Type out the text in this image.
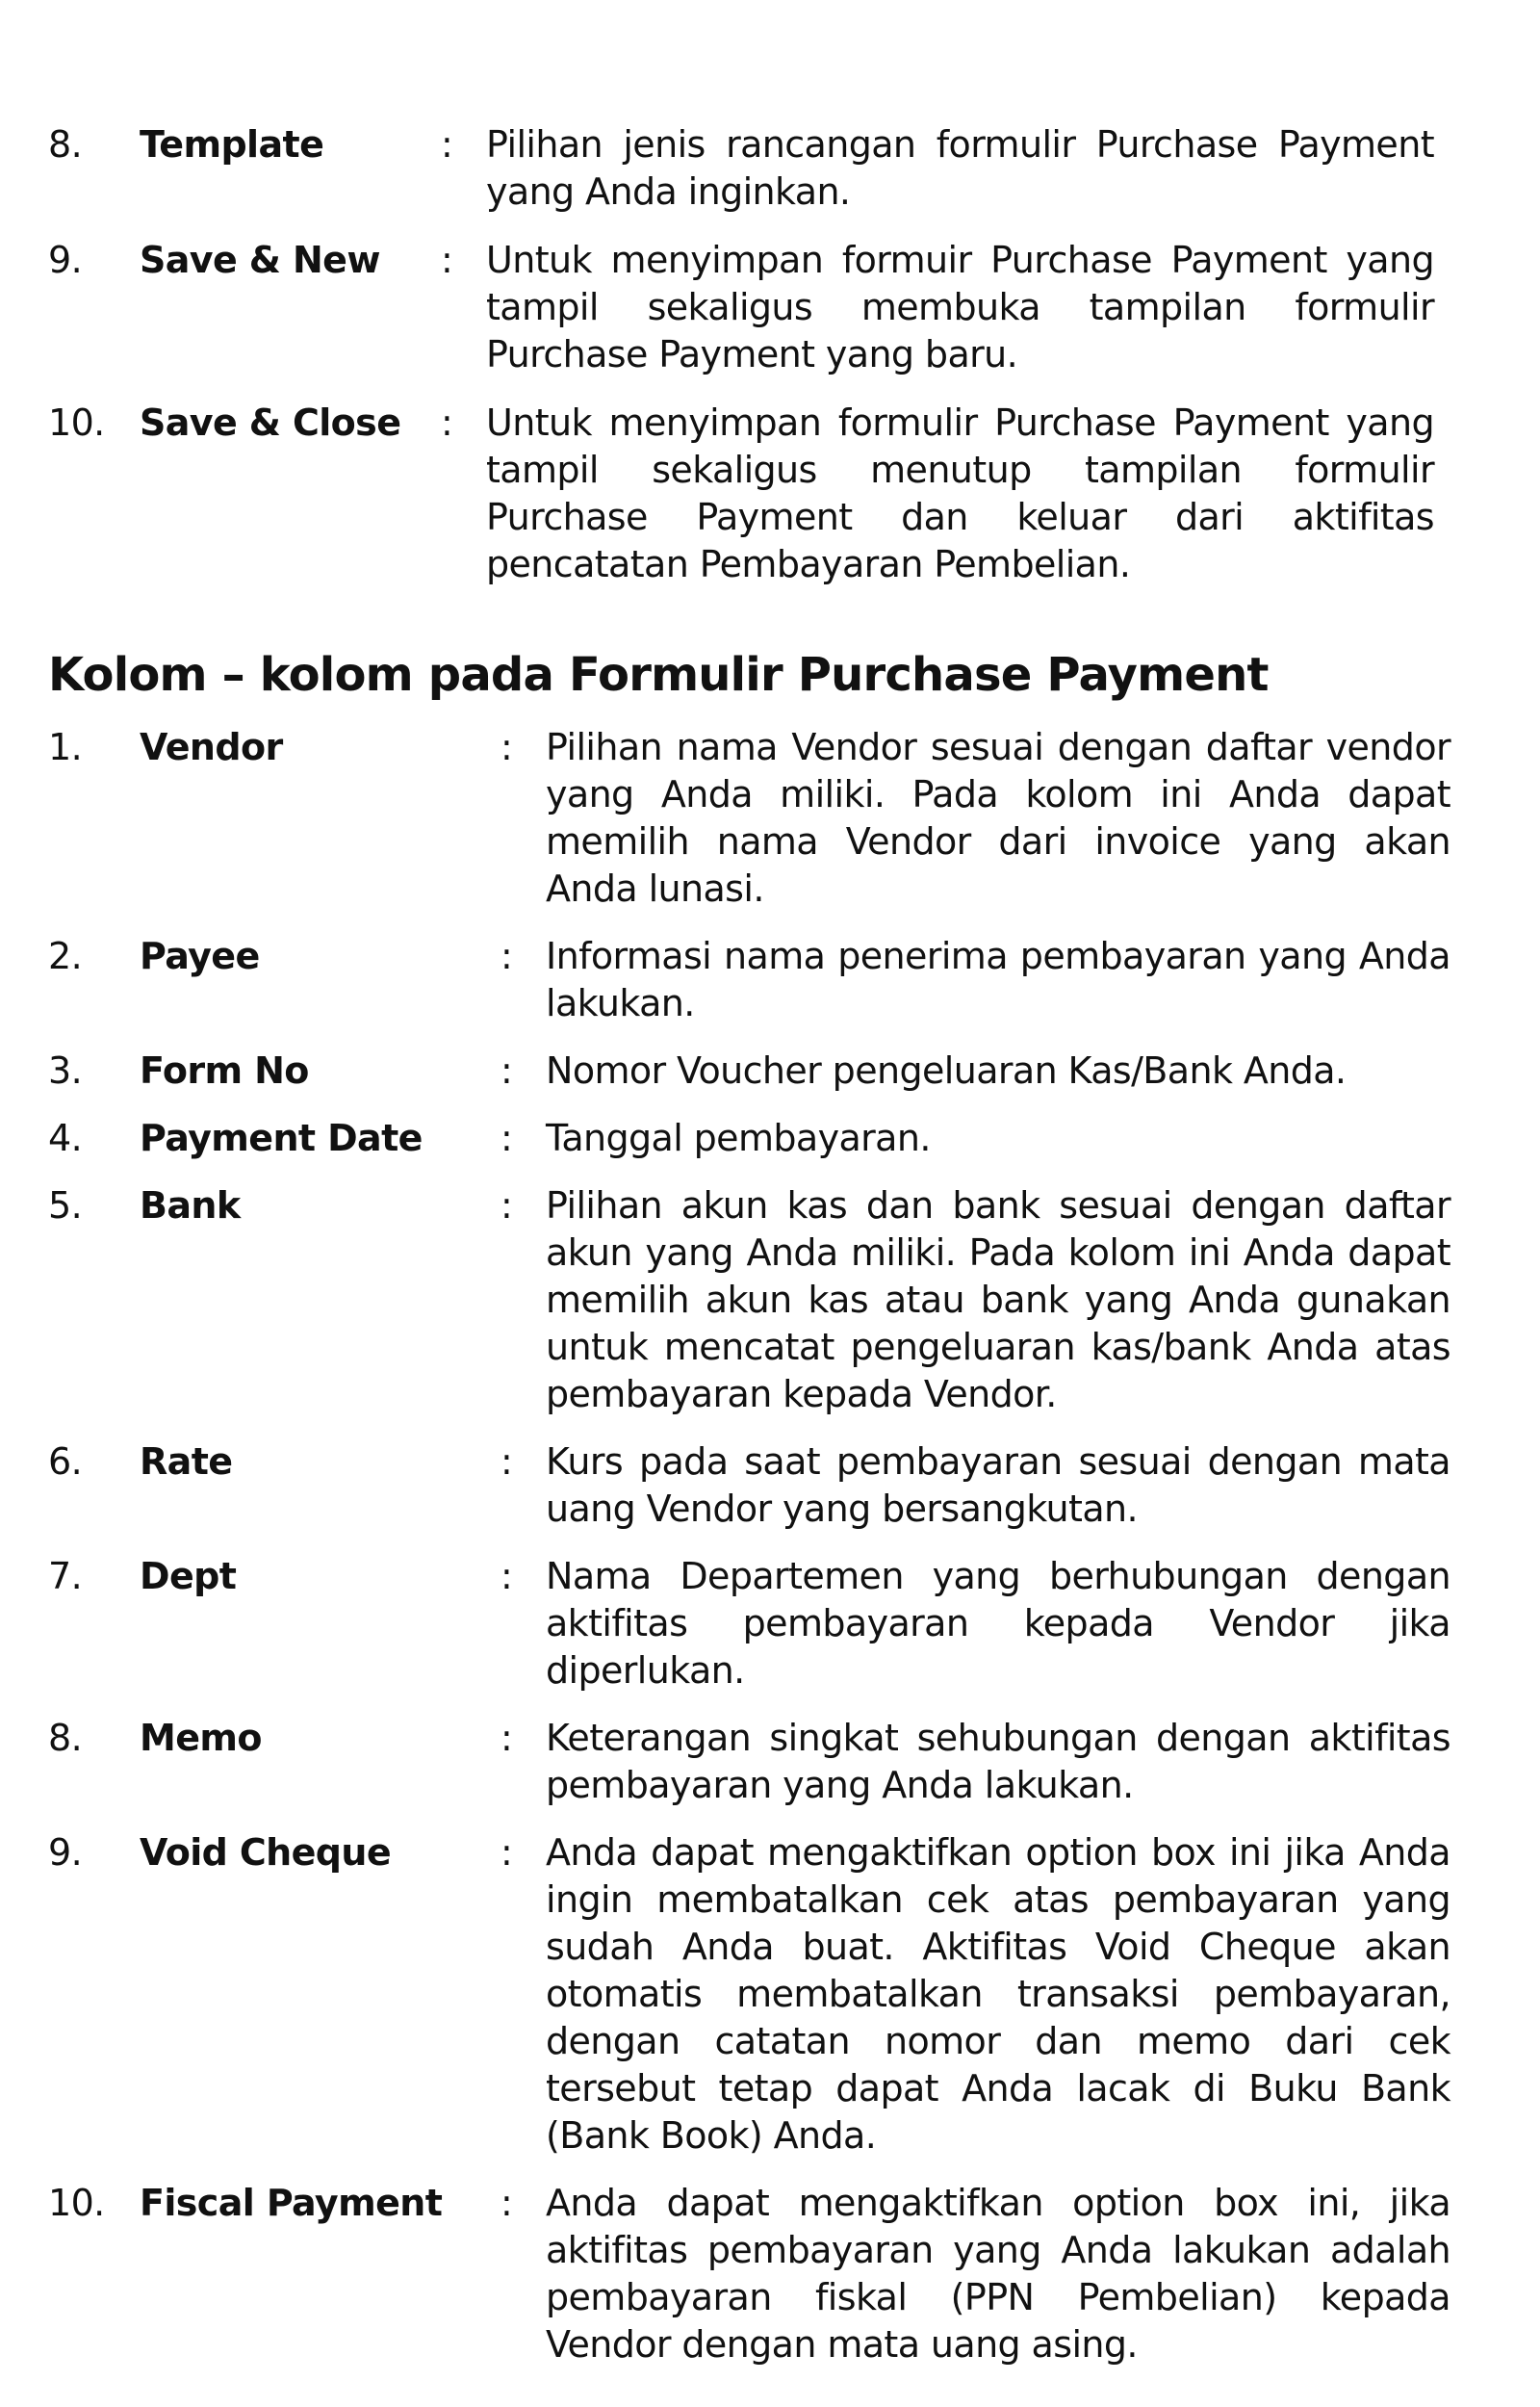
8.	Template	: Pilihan jenis rancangan formulir Purchase Payment yang Anda inginkan.
9.	Save & New	: Untuk menyimpan formuir Purchase Payment yang tampil sekaligus membuka tampilan formulir Purchase Payment yang baru.
10. Save & Close	: Untuk menyimpan formulir Purchase Payment yang tampil sekaligus menutup tampilan formulir Purchase Payment dan keluar dari aktifitas pencatatan Pembayaran Pembelian.
Kolom – kolom pada Formulir Purchase Payment
1.	Vendor	: Pilihan nama Vendor sesuai dengan daftar vendor yang Anda miliki. Pada kolom ini Anda dapat memilih nama Vendor dari invoice yang akan Anda lunasi.
2.	Payee	: Informasi nama penerima pembayaran yang Anda lakukan.
3.	Form No	: Nomor Voucher pengeluaran Kas/Bank Anda.
4.	Payment Date	: Tanggal pembayaran.
5.	Bank	: Pilihan akun kas dan bank sesuai dengan daftar akun yang Anda miliki. Pada kolom ini Anda dapat memilih akun kas atau bank yang Anda gunakan untuk mencatat pengeluaran kas/bank Anda atas pembayaran kepada Vendor.
6.	Rate	: Kurs pada saat pembayaran sesuai dengan mata uang Vendor yang bersangkutan.
7.	Dept	: Nama Departemen yang berhubungan dengan aktifitas pembayaran kepada Vendor jika diperlukan.
8.	Memo	: Keterangan singkat sehubungan dengan aktifitas pembayaran yang Anda lakukan.
9.	Void Cheque	: Anda dapat mengaktifkan option box ini jika Anda ingin membatalkan cek atas pembayaran yang sudah Anda buat. Aktifitas Void Cheque akan otomatis membatalkan transaksi pembayaran, dengan catatan nomor dan memo dari cek tersebut tetap dapat Anda lacak di Buku Bank (Bank Book) Anda.
10. Fiscal Payment	: Anda dapat mengaktifkan option box ini, jika aktifitas pembayaran yang Anda lakukan adalah pembayaran fiskal (PPN Pembelian) kepada Vendor dengan mata uang asing.
